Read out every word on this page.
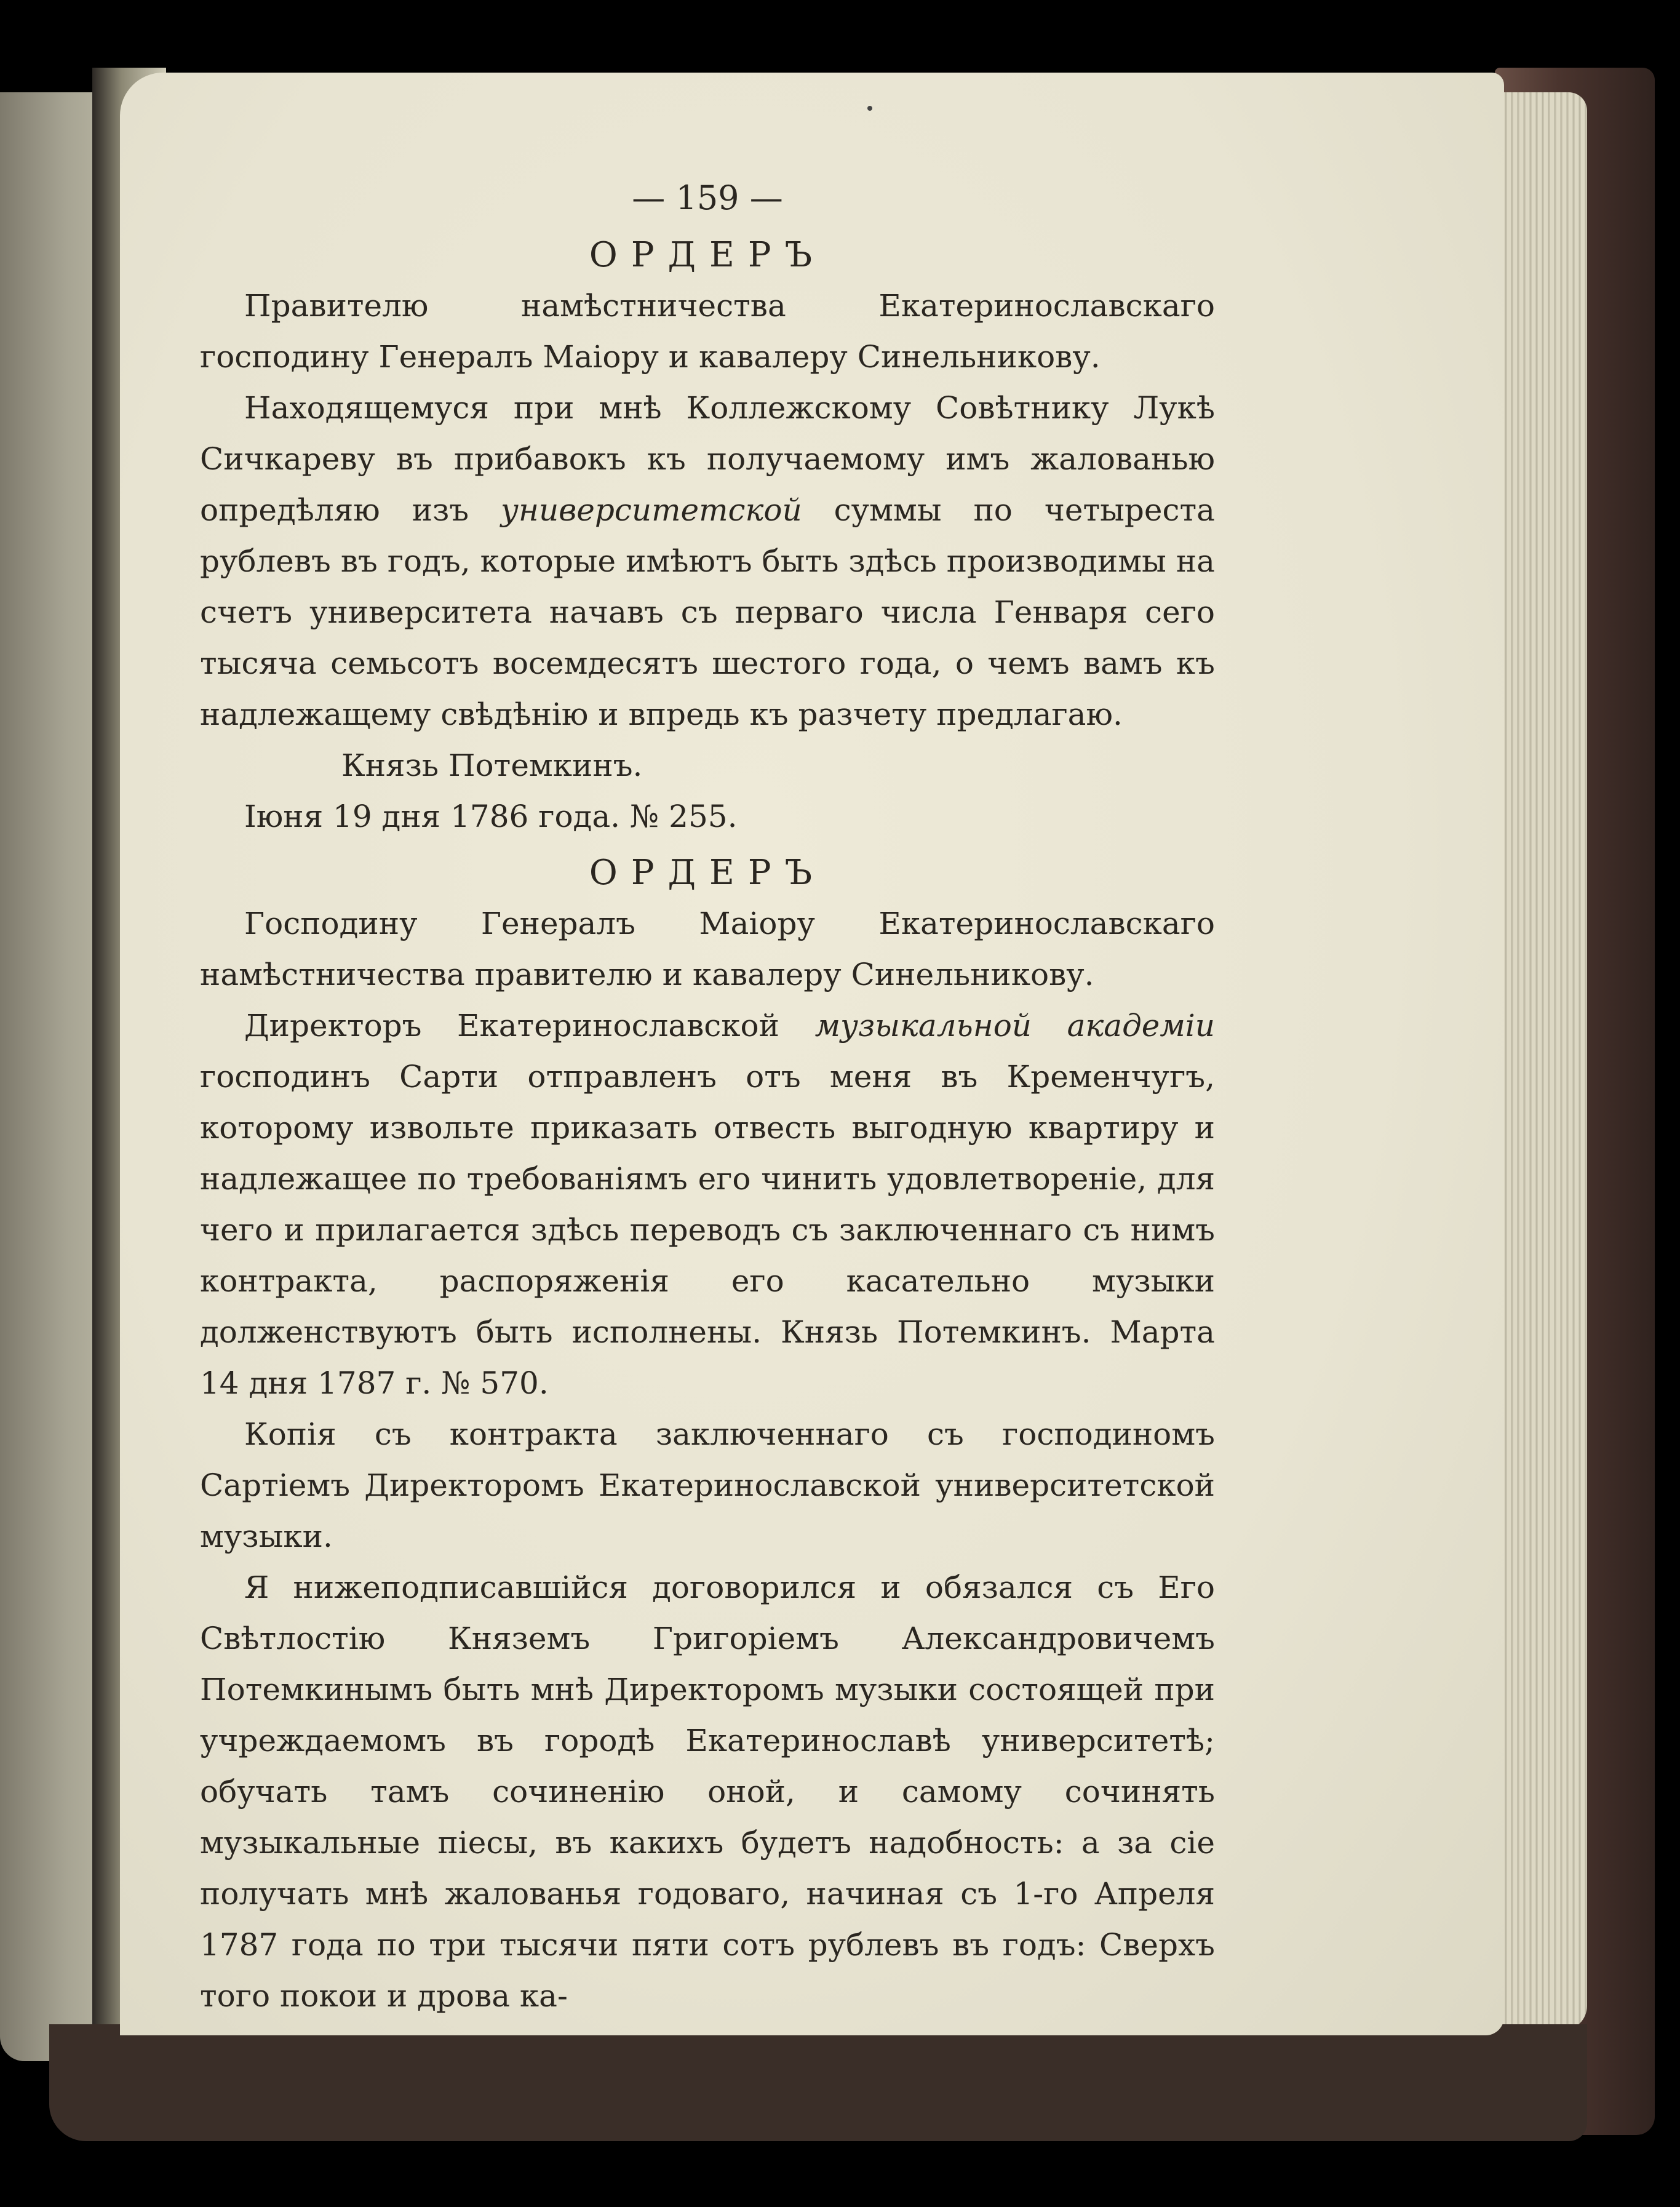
— 159 —
ОРДЕРЪ

Правителю намѣстничества Екатеринославскаго господину Генералъ Маіору и кавалеру Синельникову.

Находящемуся при мнѣ Коллежскому Совѣтнику Лукѣ Сичкареву въ прибавокъ къ получаемому имъ жалованью опредѣляю изъ университетской суммы по четыреста рублевъ въ годъ, которые имѣютъ быть здѣсь производимы на счетъ университета начавъ съ перваго числа Генваря сего тысяча семьсотъ восемдесятъ шестого года, о чемъ вамъ къ надлежащему свѣдѣнію и впредь къ разчету предлагаю.

Князь Потемкинъ.

Іюня 19 дня 1786 года. № 255.

ОРДЕРЪ

Господину Генералъ Маіору Екатеринославскаго намѣстничества правителю и кавалеру Синельникову.

Директоръ Екатеринославской музыкальной академіи господинъ Сарти отправленъ отъ меня въ Кременчугъ, которому извольте приказать отвесть выгодную квартиру и надлежащее по требованіямъ его чинить удовлетвореніе, для чего и прилагается здѣсь переводъ съ заключеннаго съ нимъ контракта, распоряженія его касательно музыки долженствуютъ быть исполнены. Князь Потемкинъ. Марта 14 дня 1787 г. № 570.

Копія съ контракта заключеннаго съ господиномъ Сартіемъ Директоромъ Екатеринославской университетской музыки.

Я нижеподписавшійся договорился и обязался съ Его Свѣтлостію Княземъ Григоріемъ Александровичемъ Потемкинымъ быть мнѣ Директоромъ музыки состоящей при учреждаемомъ въ городѣ Екатеринославѣ университетѣ; обучать тамъ сочиненію оной, и самому сочинять музыкальные піесы, въ какихъ будетъ надобность: а за сіе получать мнѣ жалованья годоваго, начиная съ 1-го Апреля 1787 года по три тысячи пяти сотъ рублевъ въ годъ: Сверхъ того покои и дрова ка-
